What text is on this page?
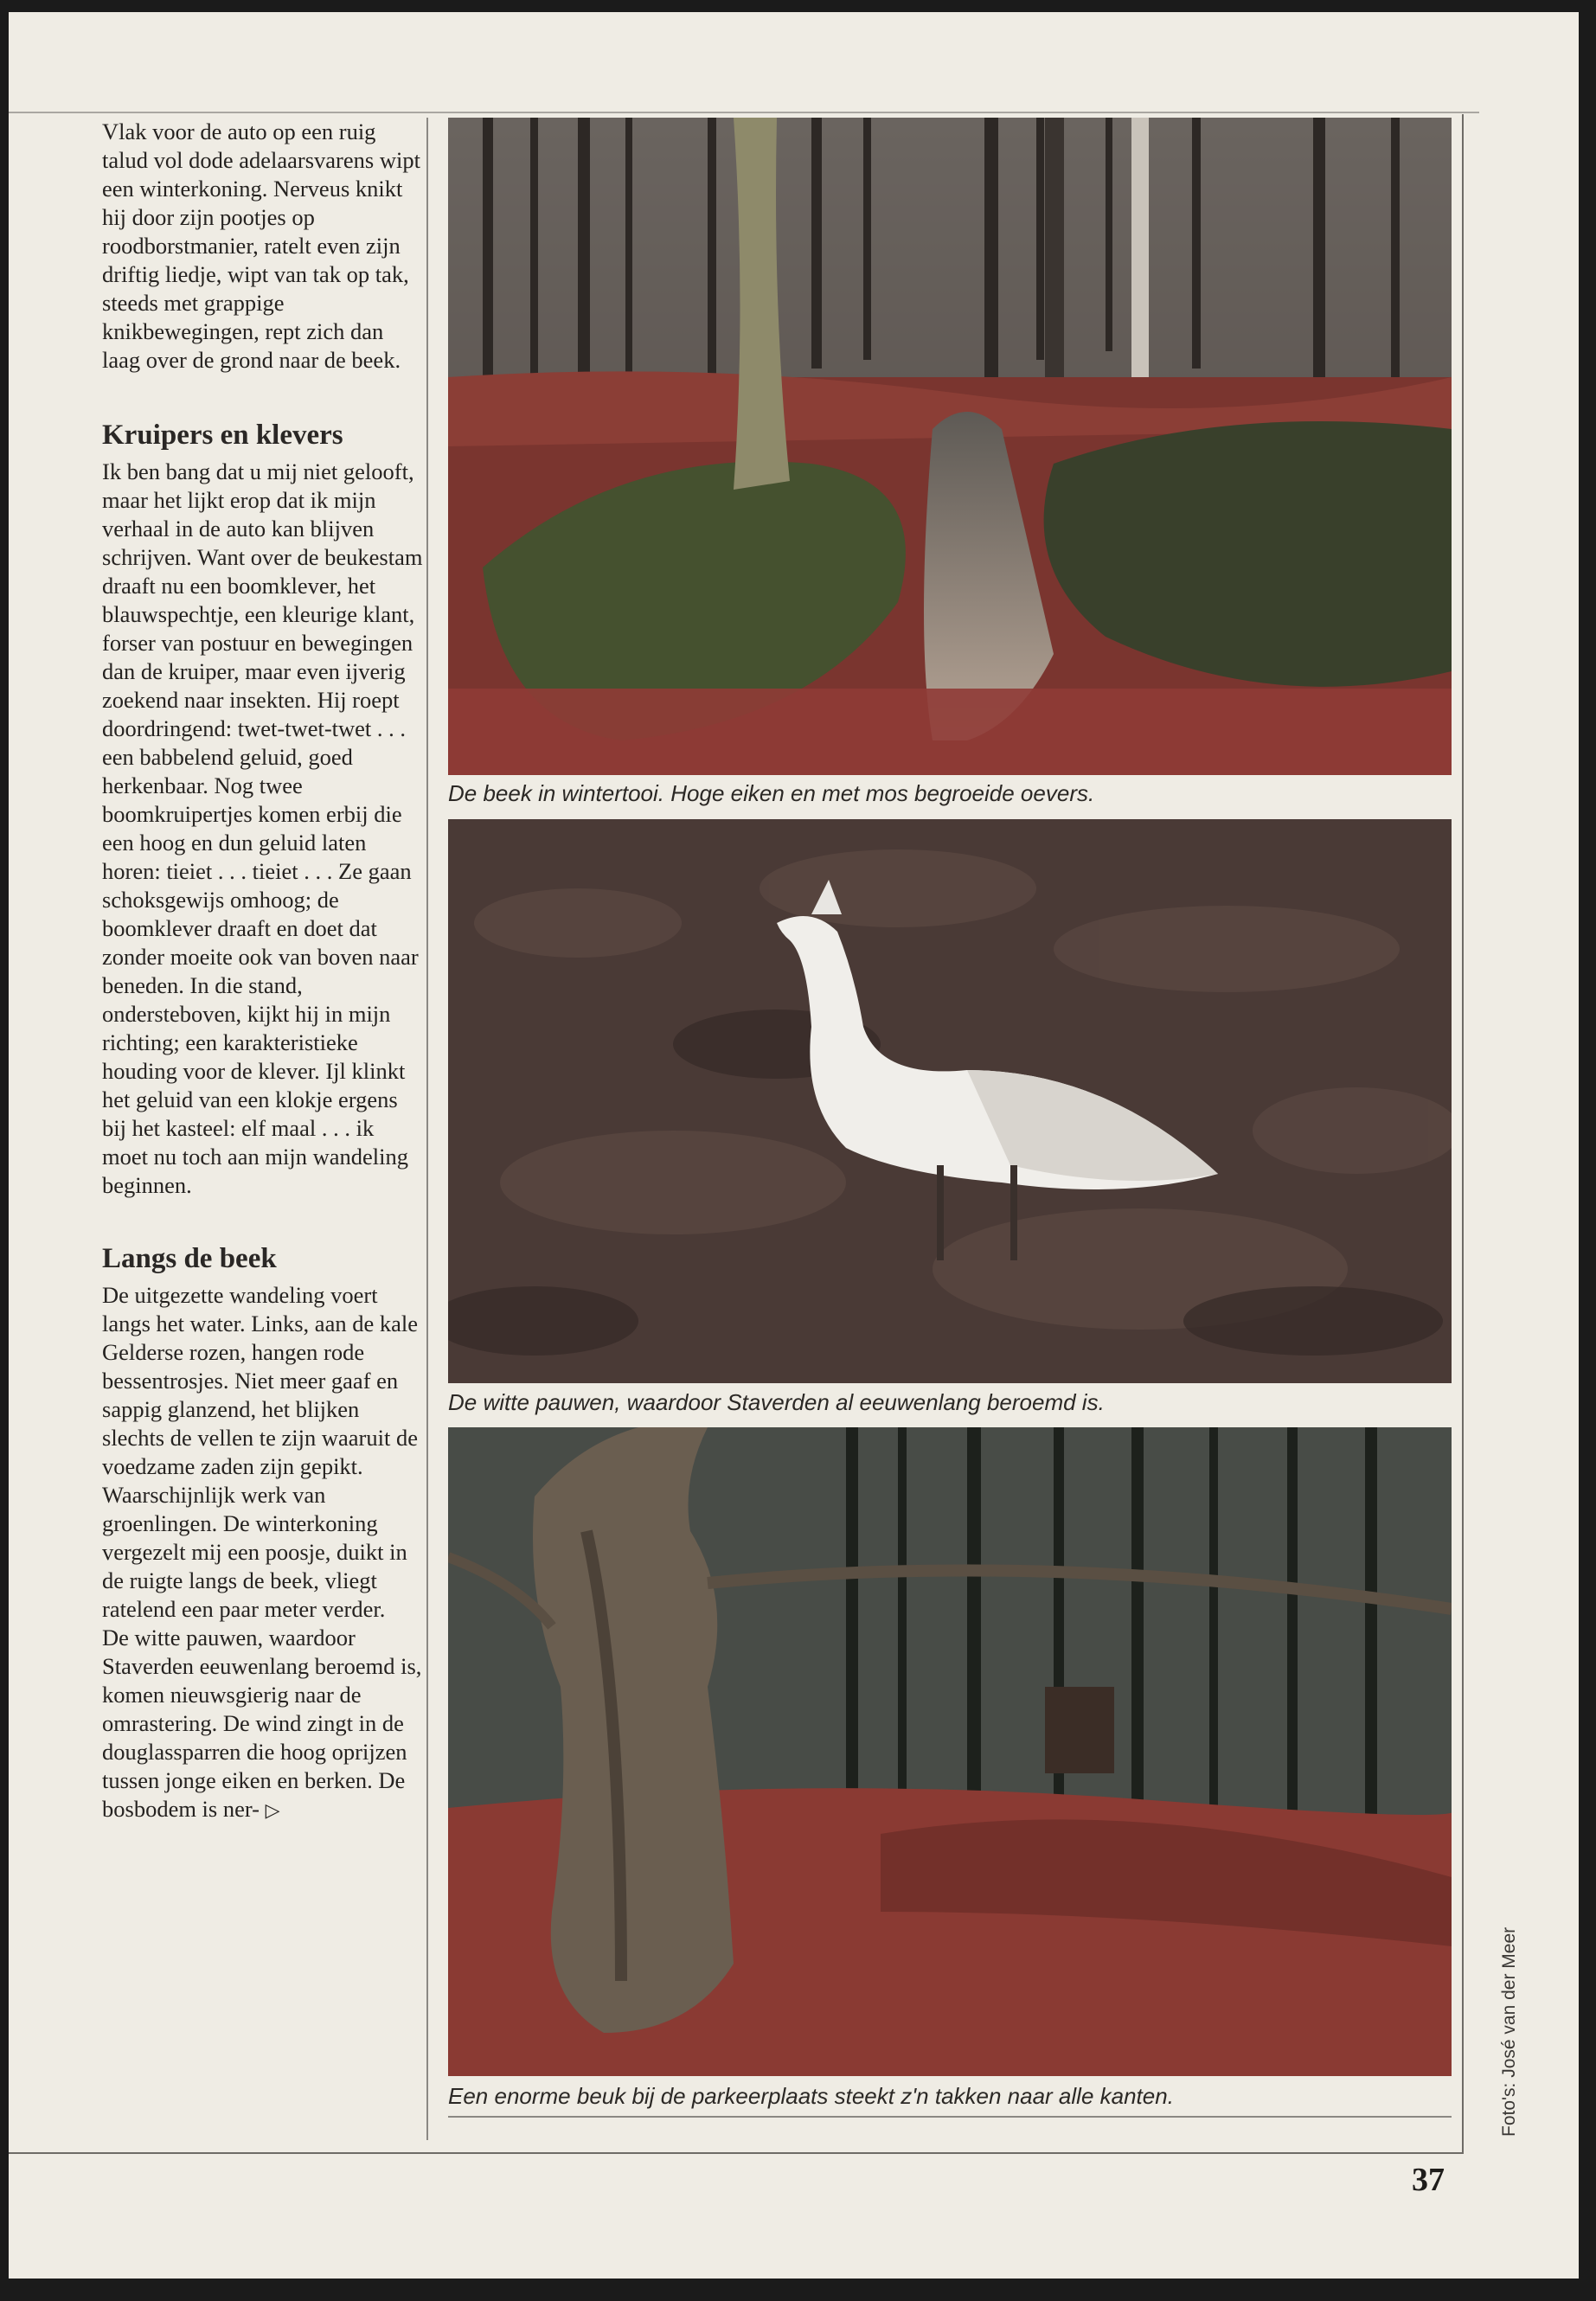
Vlak voor de auto op een ruig talud vol dode adelaarsvarens wipt een winterkoning. Nerveus knikt hij door zijn pootjes op roodborstmanier, ratelt even zijn driftig liedje, wipt van tak op tak, steeds met grappige knikbewegingen, rept zich dan laag over de grond naar de beek.

Kruipers en klevers

Ik ben bang dat u mij niet gelooft, maar het lijkt erop dat ik mijn verhaal in de auto kan blijven schrijven. Want over de beukestam draaft nu een boomklever, het blauwspechtje, een kleurige klant, forser van postuur en bewegingen dan de kruiper, maar even ijverig zoekend naar insekten. Hij roept doordringend: twet-twet-twet . . . een babbelend geluid, goed herkenbaar. Nog twee boomkruipertjes komen erbij die een hoog en dun geluid laten horen: tieiet . . . tieiet . . . Ze gaan schoksgewijs omhoog; de boomklever draaft en doet dat zonder moeite ook van boven naar beneden. In die stand, ondersteboven, kijkt hij in mijn richting; een karakteristieke houding voor de klever. Ijl klinkt het geluid van een klokje ergens bij het kasteel: elf maal . . . ik moet nu toch aan mijn wandeling beginnen.

Langs de beek

De uitgezette wandeling voert langs het water. Links, aan de kale Gelderse rozen, hangen rode bessentrosjes. Niet meer gaaf en sappig glanzend, het blijken slechts de vellen te zijn waaruit de voedzame zaden zijn gepikt. Waarschijnlijk werk van groenlingen. De winterkoning vergezelt mij een poosje, duikt in de ruigte langs de beek, vliegt ratelend een paar meter verder.

De witte pauwen, waardoor Staverden eeuwenlang beroemd is, komen nieuwsgierig naar de omrastering. De wind zingt in de douglassparren die hoog oprijzen tussen jonge eiken en berken. De bosbodem is ner- ▷

De beek in wintertooi. Hoge eiken en met mos begroeide oevers.
De witte pauwen, waardoor Staverden al eeuwenlang beroemd is.
Een enorme beuk bij de parkeerplaats steekt z'n takken naar alle kanten.	Foto's: José van der Meer
37
